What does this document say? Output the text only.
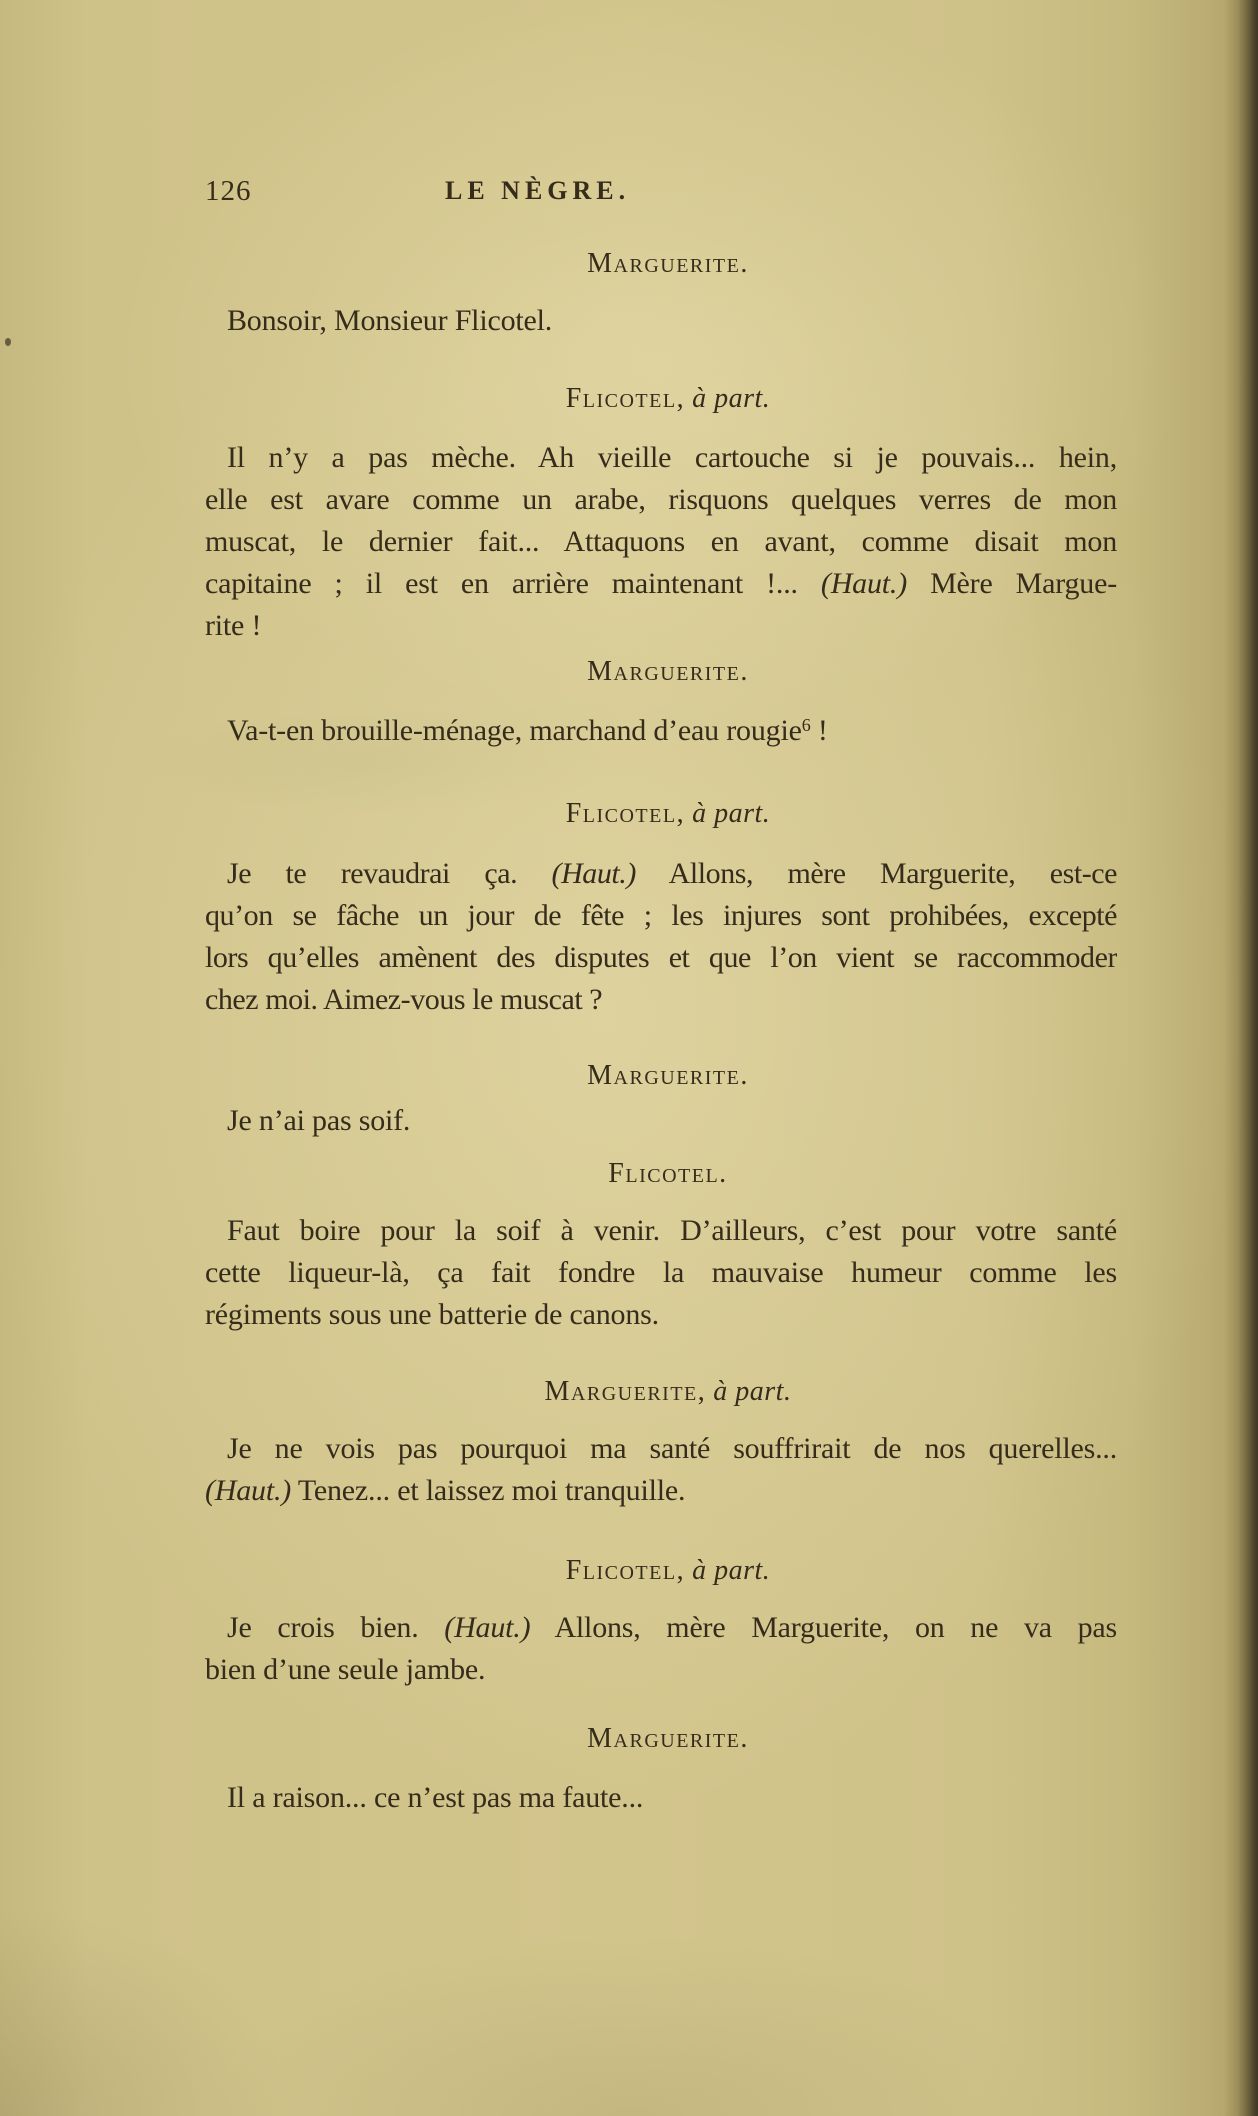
126	LE NÈGRE.
Marguerite.
Bonsoir, Monsieur Flicotel.
Flicotel, à part.
Il n’y a pas mèche. Ah vieille cartouche si je pouvais... hein,
elle est avare comme un arabe, risquons quelques verres de mon
muscat, le dernier fait... Attaquons en avant, comme disait mon
capitaine ; il est en arrière maintenant !... (Haut.) Mère Margue-
rite !
Marguerite.
Va-t-en brouille-ménage, marchand d’eau rougie$^6$ !
Flicotel, à part.
Je te revaudrai ça. (Haut.) Allons, mère Marguerite, est-ce
qu’on se fâche un jour de fête ; les injures sont prohibées, excepté
lors qu’elles amènent des disputes et que l’on vient se raccommoder
chez moi. Aimez-vous le muscat ?
Marguerite.
Je n’ai pas soif.
Flicotel.
Faut boire pour la soif à venir. D’ailleurs, c’est pour votre santé
cette liqueur-là, ça fait fondre la mauvaise humeur comme les
régiments sous une batterie de canons.
Marguerite, à part.
Je ne vois pas pourquoi ma santé souffrirait de nos querelles...
(Haut.) Tenez... et laissez moi tranquille.
Flicotel, à part.
Je crois bien. (Haut.) Allons, mère Marguerite, on ne va pas
bien d’une seule jambe.
Marguerite.
Il a raison... ce n’est pas ma faute...
